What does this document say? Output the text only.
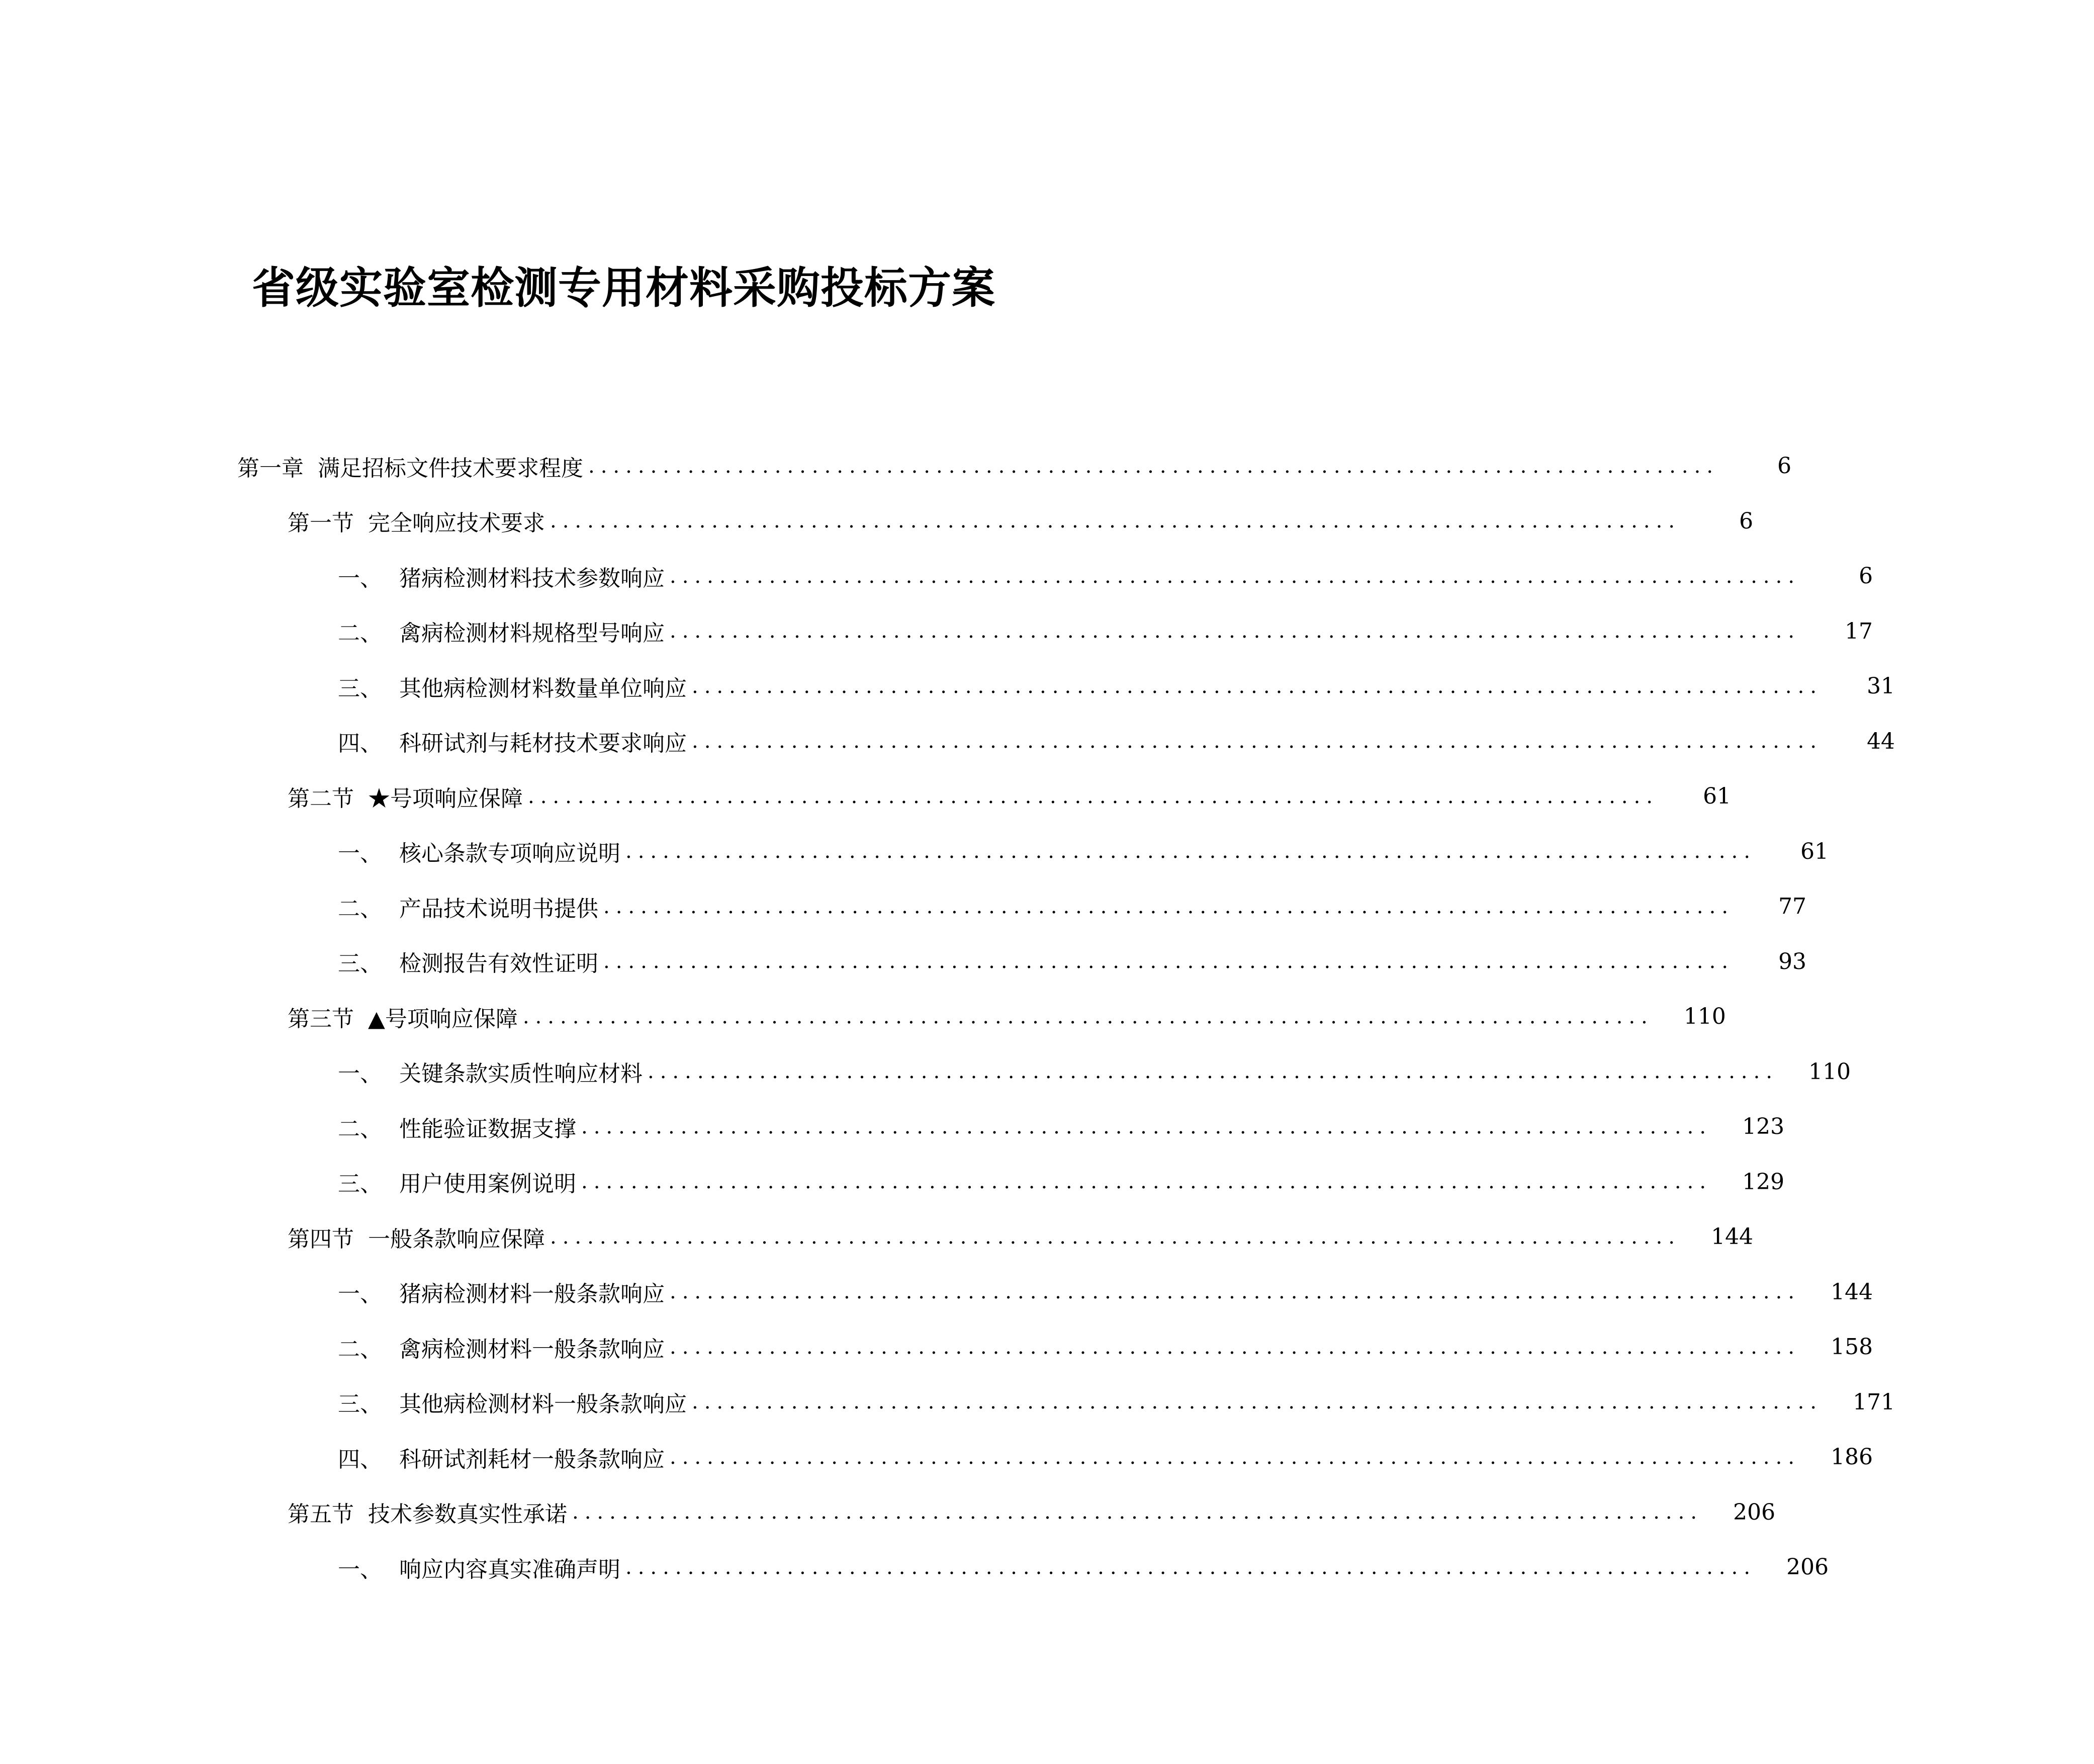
省级实验室检测专用材料采购投标方案
第一章 满足招标文件技术要求程度 ...........................................................................................	6
第一节 完全响应技术要求 ...........................................................................................	6
一、 猪病检测材料技术参数响应 ...........................................................................................	6
二、 禽病检测材料规格型号响应 ...........................................................................................	17
三、 其他病检测材料数量单位响应 ...........................................................................................	31
四、 科研试剂与耗材技术要求响应 ...........................................................................................	44
第二节 ★号项响应保障 ...........................................................................................	61
一、 核心条款专项响应说明 ...........................................................................................	61
二、 产品技术说明书提供 ...........................................................................................	77
三、 检测报告有效性证明 ...........................................................................................	93
第三节 ▲号项响应保障 ...........................................................................................	110
一、 关键条款实质性响应材料 ...........................................................................................	110
二、 性能验证数据支撑 ...........................................................................................	123
三、 用户使用案例说明 ...........................................................................................	129
第四节 一般条款响应保障 ...........................................................................................	144
一、 猪病检测材料一般条款响应 ...........................................................................................	144
二、 禽病检测材料一般条款响应 ...........................................................................................	158
三、 其他病检测材料一般条款响应 ...........................................................................................	171
四、 科研试剂耗材一般条款响应 ...........................................................................................	186
第五节 技术参数真实性承诺 ...........................................................................................	206
一、 响应内容真实准确声明 ...........................................................................................	206
